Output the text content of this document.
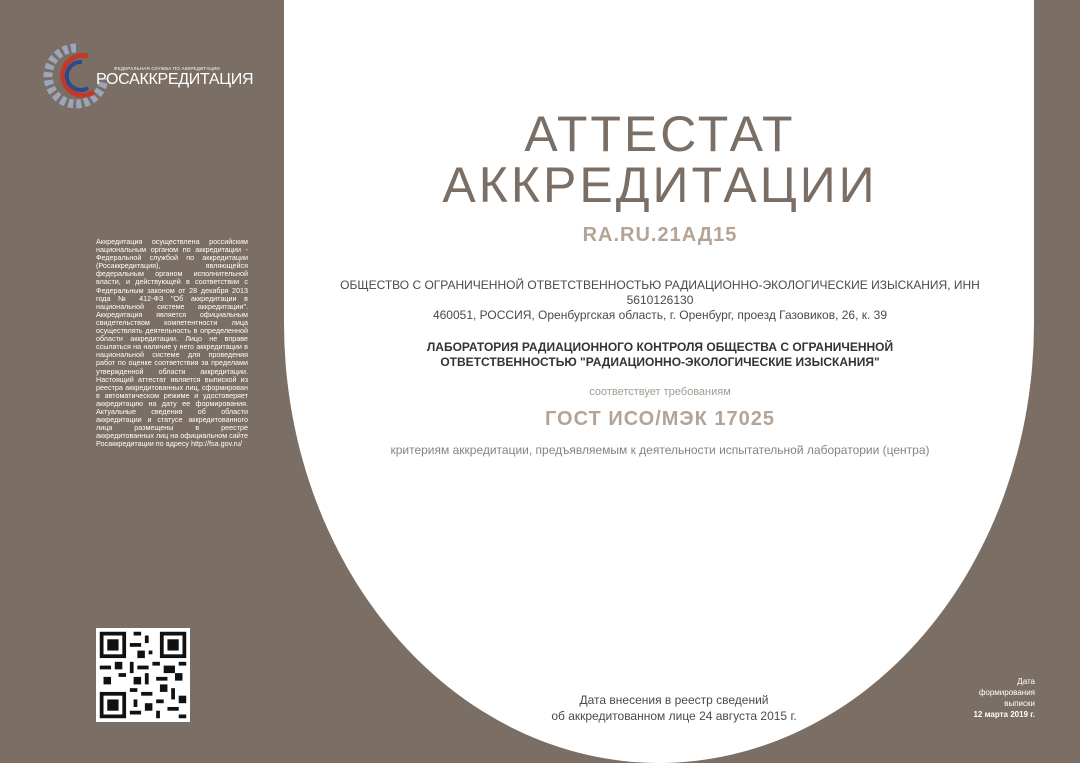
ФЕДЕРАЛЬНАЯ СЛУЖБА ПО АККРЕДИТАЦИИ
РОСАККРЕДИТАЦИЯ
Аккредитация осуществлена российским национальным органом по аккредитации - Федеральной службой по аккредитации (Росаккредитация), являющейся федеральным органом исполнительной власти, и действующей в соответствии с Федеральным законом от 28 декабря 2013 года № 412-ФЗ "Об аккредитации в национальной системе аккредитации". Аккредитация является официальным свидетельством компетентности лица осуществлять деятельность в определенной области аккредитации. Лицо не вправе ссылаться на наличие у него аккредитации в национальной системе для проведения работ по оценке соответствия за пределами утвержденной области аккредитации. Настоящий аттестат является выпиской из реестра аккредитованных лиц, сформирован в автоматическом режиме и удостоверяет аккредитацию на дату ее формирования. Актуальные сведения об области аккредитации и статусе аккредитованного лица размещены в реестре аккредитованных лиц на официальном сайте Росаккредитации по адресу http://fsa.gov.ru/
АТТЕСТАТ
АККРЕДИТАЦИИ
RA.RU.21АД15
ОБЩЕСТВО С ОГРАНИЧЕННОЙ ОТВЕТСТВЕННОСТЬЮ РАДИАЦИОННО-ЭКОЛОГИЧЕСКИЕ ИЗЫСКАНИЯ, ИНН
5610126130
460051, РОССИЯ, Оренбургская область, г. Оренбург, проезд Газовиков, 26, к. 39
ЛАБОРАТОРИЯ РАДИАЦИОННОГО КОНТРОЛЯ ОБЩЕСТВА С ОГРАНИЧЕННОЙ
ОТВЕТСТВЕННОСТЬЮ "РАДИАЦИОННО-ЭКОЛОГИЧЕСКИЕ ИЗЫСКАНИЯ"
соответствует требованиям
ГОСТ ИСО/МЭК 17025
критериям аккредитации, предъявляемым к деятельности испытательной лаборатории (центра)
Дата внесения в реестр сведений
об аккредитованном лице 24 августа 2015 г.
Дата
формирования
выписки
12 марта 2019 г.
